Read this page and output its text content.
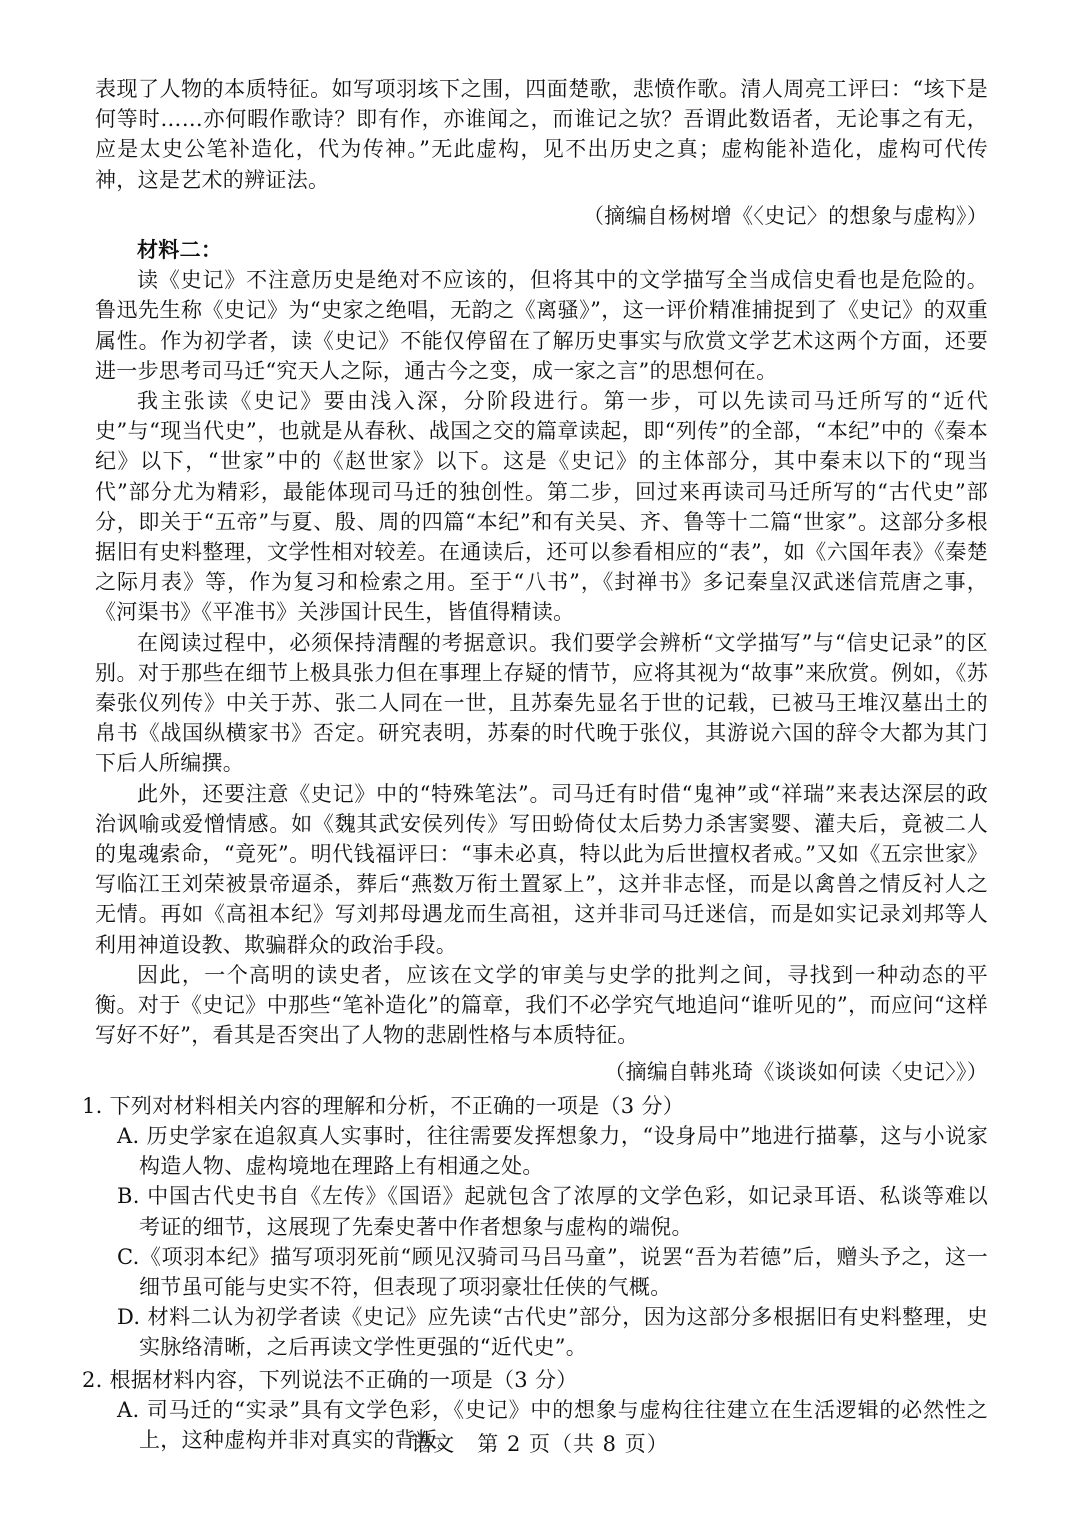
表现了人物的本质特征。如写项羽垓下之围，四面楚歌，悲愤作歌。清人周亮工评曰：“垓下是何等时……亦何暇作歌诗？即有作，亦谁闻之，而谁记之欤？吾谓此数语者，无论事之有无，应是太史公笔补造化，代为传神。”无此虚构，见不出历史之真；虚构能补造化，虚构可代传神，这是艺术的辨证法。

（摘编自杨树增《〈史记〉的想象与虚构》）

材料二：

读《史记》不注意历史是绝对不应该的，但将其中的文学描写全当成信史看也是危险的。鲁迅先生称《史记》为“史家之绝唱，无韵之《离骚》”，这一评价精准捕捉到了《史记》的双重属性。作为初学者，读《史记》不能仅停留在了解历史事实与欣赏文学艺术这两个方面，还要进一步思考司马迁“究天人之际，通古今之变，成一家之言”的思想何在。

我主张读《史记》要由浅入深，分阶段进行。第一步，可以先读司马迁所写的“近代史”与“现当代史”，也就是从春秋、战国之交的篇章读起，即“列传”的全部，“本纪”中的《秦本纪》以下，“世家”中的《赵世家》以下。这是《史记》的主体部分，其中秦末以下的“现当代”部分尤为精彩，最能体现司马迁的独创性。第二步，回过来再读司马迁所写的“古代史”部分，即关于“五帝”与夏、殷、周的四篇“本纪”和有关吴、齐、鲁等十二篇“世家”。这部分多根据旧有史料整理，文学性相对较差。在通读后，还可以参看相应的“表”，如《六国年表》《秦楚之际月表》等，作为复习和检索之用。至于“八书”，《封禅书》多记秦皇汉武迷信荒唐之事，《河渠书》《平准书》关涉国计民生，皆值得精读。

在阅读过程中，必须保持清醒的考据意识。我们要学会辨析“文学描写”与“信史记录”的区别。对于那些在细节上极具张力但在事理上存疑的情节，应将其视为“故事”来欣赏。例如，《苏秦张仪列传》中关于苏、张二人同在一世，且苏秦先显名于世的记载，已被马王堆汉墓出土的帛书《战国纵横家书》否定。研究表明，苏秦的时代晚于张仪，其游说六国的辞令大都为其门下后人所编撰。

此外，还要注意《史记》中的“特殊笔法”。司马迁有时借“鬼神”或“祥瑞”来表达深层的政治讽喻或爱憎情感。如《魏其武安侯列传》写田蚡倚仗太后势力杀害窦婴、灌夫后，竟被二人的鬼魂索命，“竟死”。明代钱福评曰：“事未必真，特以此为后世擅权者戒。”又如《五宗世家》写临江王刘荣被景帝逼杀，葬后“燕数万衔土置冢上”，这并非志怪，而是以禽兽之情反衬人之无情。再如《高祖本纪》写刘邦母遇龙而生高祖，这并非司马迁迷信，而是如实记录刘邦等人利用神道设教、欺骗群众的政治手段。

因此，一个高明的读史者，应该在文学的审美与史学的批判之间，寻找到一种动态的平衡。对于《史记》中那些“笔补造化”的篇章，我们不必学究气地追问“谁听见的”，而应问“这样写好不好”，看其是否突出了人物的悲剧性格与本质特征。

（摘编自韩兆琦《谈谈如何读〈史记〉》）

1. 下列对材料相关内容的理解和分析，不正确的一项是（3 分）

A. 历史学家在追叙真人实事时，往往需要发挥想象力，“设身局中”地进行描摹，这与小说家构造人物、虚构境地在理路上有相通之处。

B. 中国古代史书自《左传》《国语》起就包含了浓厚的文学色彩，如记录耳语、私谈等难以考证的细节，这展现了先秦史著中作者想象与虚构的端倪。

C.《项羽本纪》描写项羽死前“顾见汉骑司马吕马童”，说罢“吾为若德”后，赠头予之，这一细节虽可能与史实不符，但表现了项羽豪壮任侠的气概。

D. 材料二认为初学者读《史记》应先读“古代史”部分，因为这部分多根据旧有史料整理，史实脉络清晰，之后再读文学性更强的“近代史”。

2. 根据材料内容，下列说法不正确的一项是（3 分）

A. 司马迁的“实录”具有文学色彩，《史记》中的想象与虚构往往建立在生活逻辑的必然性之上，这种虚构并非对真实的背叛。

语文　第 2 页（共 8 页）
